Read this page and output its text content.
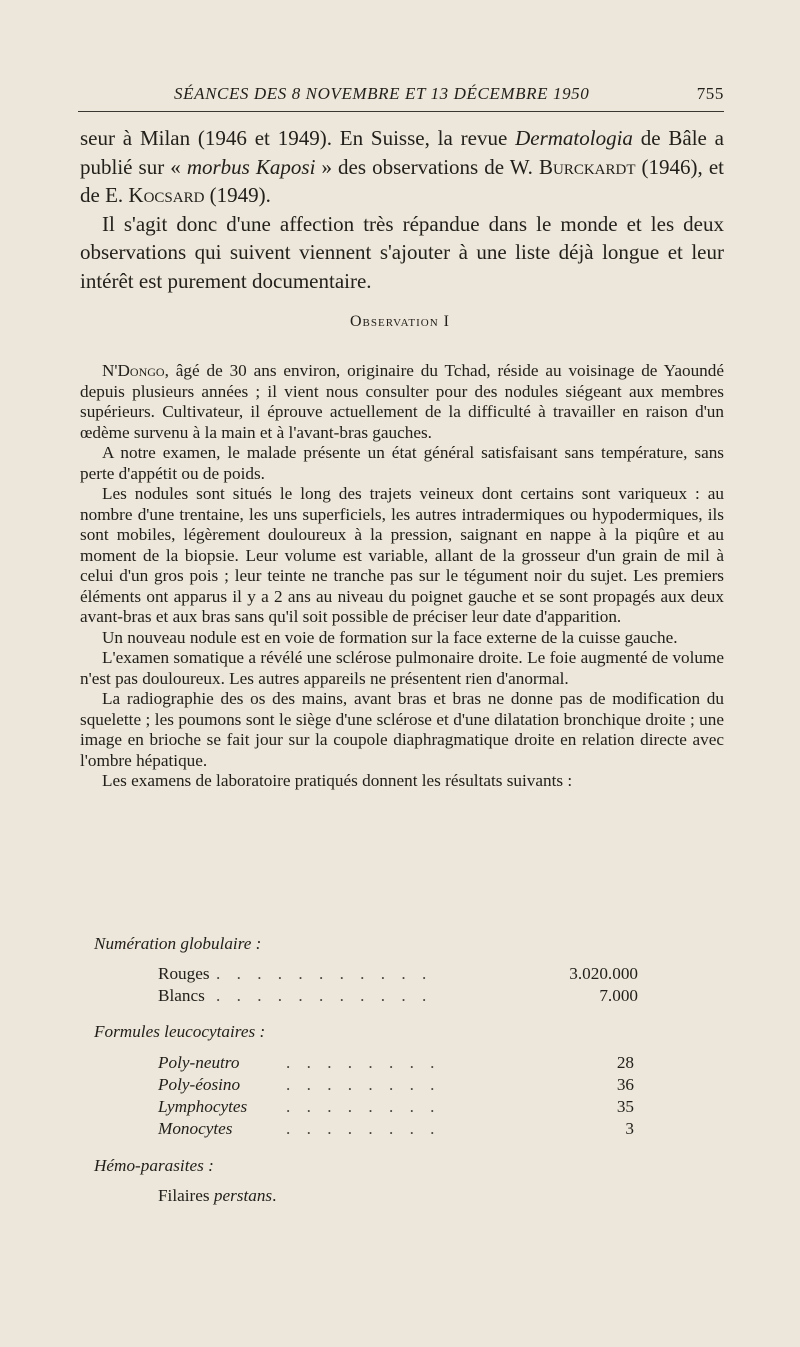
SÉANCES DES 8 NOVEMBRE ET 13 DÉCEMBRE 1950	755

seur à Milan (1946 et 1949). En Suisse, la revue Dermatologia de Bâle a publié sur « morbus Kaposi » des observations de W. Burckardt (1946), et de E. Kocsard (1949).

Il s'agit donc d'une affection très répandue dans le monde et les deux observations qui suivent viennent s'ajouter à une liste déjà longue et leur intérêt est purement documentaire.

Observation I

N'Dongo, âgé de 30 ans environ, originaire du Tchad, réside au voisinage de Yaoundé depuis plusieurs années ; il vient nous consulter pour des nodules siégeant aux membres supérieurs. Cultivateur, il éprouve actuellement de la difficulté à travailler en raison d'un œdème survenu à la main et à l'avant-bras gauches.

A notre examen, le malade présente un état général satisfaisant sans température, sans perte d'appétit ou de poids.

Les nodules sont situés le long des trajets veineux dont certains sont variqueux : au nombre d'une trentaine, les uns superficiels, les autres intradermiques ou hypodermiques, ils sont mobiles, légèrement douloureux à la pression, saignant en nappe à la piqûre et au moment de la biopsie. Leur volume est variable, allant de la grosseur d'un grain de mil à celui d'un gros pois ; leur teinte ne tranche pas sur le tégument noir du sujet. Les premiers éléments ont apparus il y a 2 ans au niveau du poignet gauche et se sont propagés aux deux avant-bras et aux bras sans qu'il soit possible de préciser leur date d'apparition.

Un nouveau nodule est en voie de formation sur la face externe de la cuisse gauche.

L'examen somatique a révélé une sclérose pulmonaire droite. Le foie augmenté de volume n'est pas douloureux. Les autres appareils ne présentent rien d'anormal.

La radiographie des os des mains, avant bras et bras ne donne pas de modification du squelette ; les poumons sont le siège d'une sclérose et d'une dilatation bronchique droite ; une image en brioche se fait jour sur la coupole diaphragmatique droite en relation directe avec l'ombre hépatique.

Les examens de laboratoire pratiqués donnent les résultats suivants :

Numération globulaire :
. . . . . . . . . . .
Rouges	3.020.000
. . . . . . . . . . .
Blancs	7.000
Formules leucocytaires :
. . . . . . . .
Poly-neutro	28
. . . . . . . .
Poly-éosino	36
. . . . . . . .
Lymphocytes	35
. . . . . . . .
Monocytes	3
Hémo-parasites :
Filaires perstans.
